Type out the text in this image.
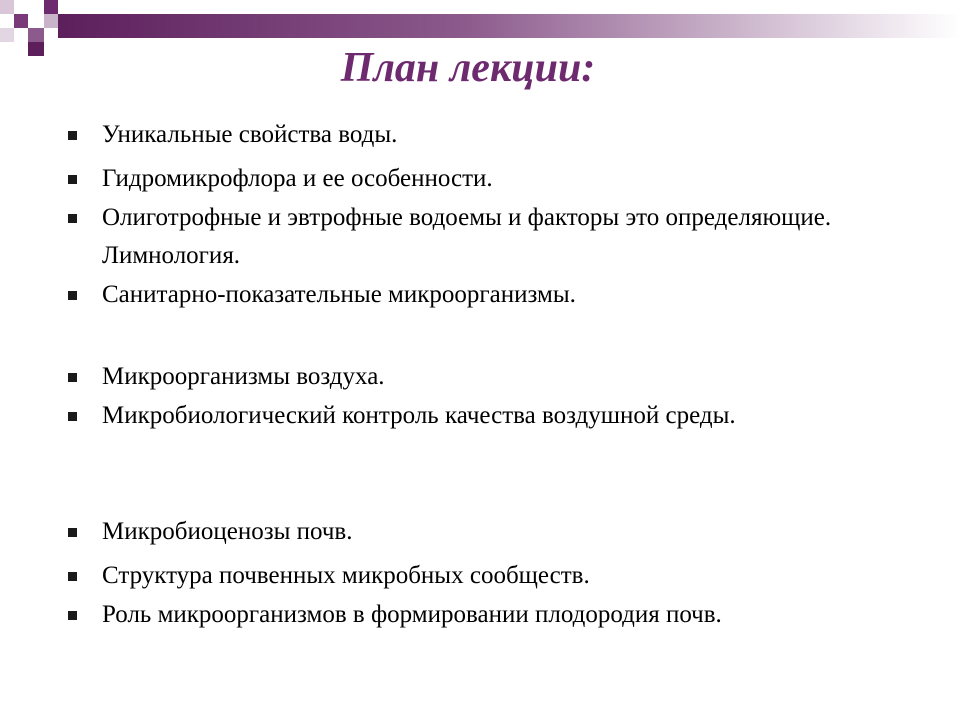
План лекции:
Уникальные свойства воды.
Гидромикрофлора и ее особенности.
Олиготрофные и эвтрофные водоемы и факторы это определяющие. Лимнология.
Санитарно-показательные микроорганизмы.
Микроорганизмы воздуха.
Микробиологический контроль качества воздушной среды.
Микробиоценозы почв.
Структура почвенных микробных сообществ.
Роль микроорганизмов в формировании плодородия почв.
